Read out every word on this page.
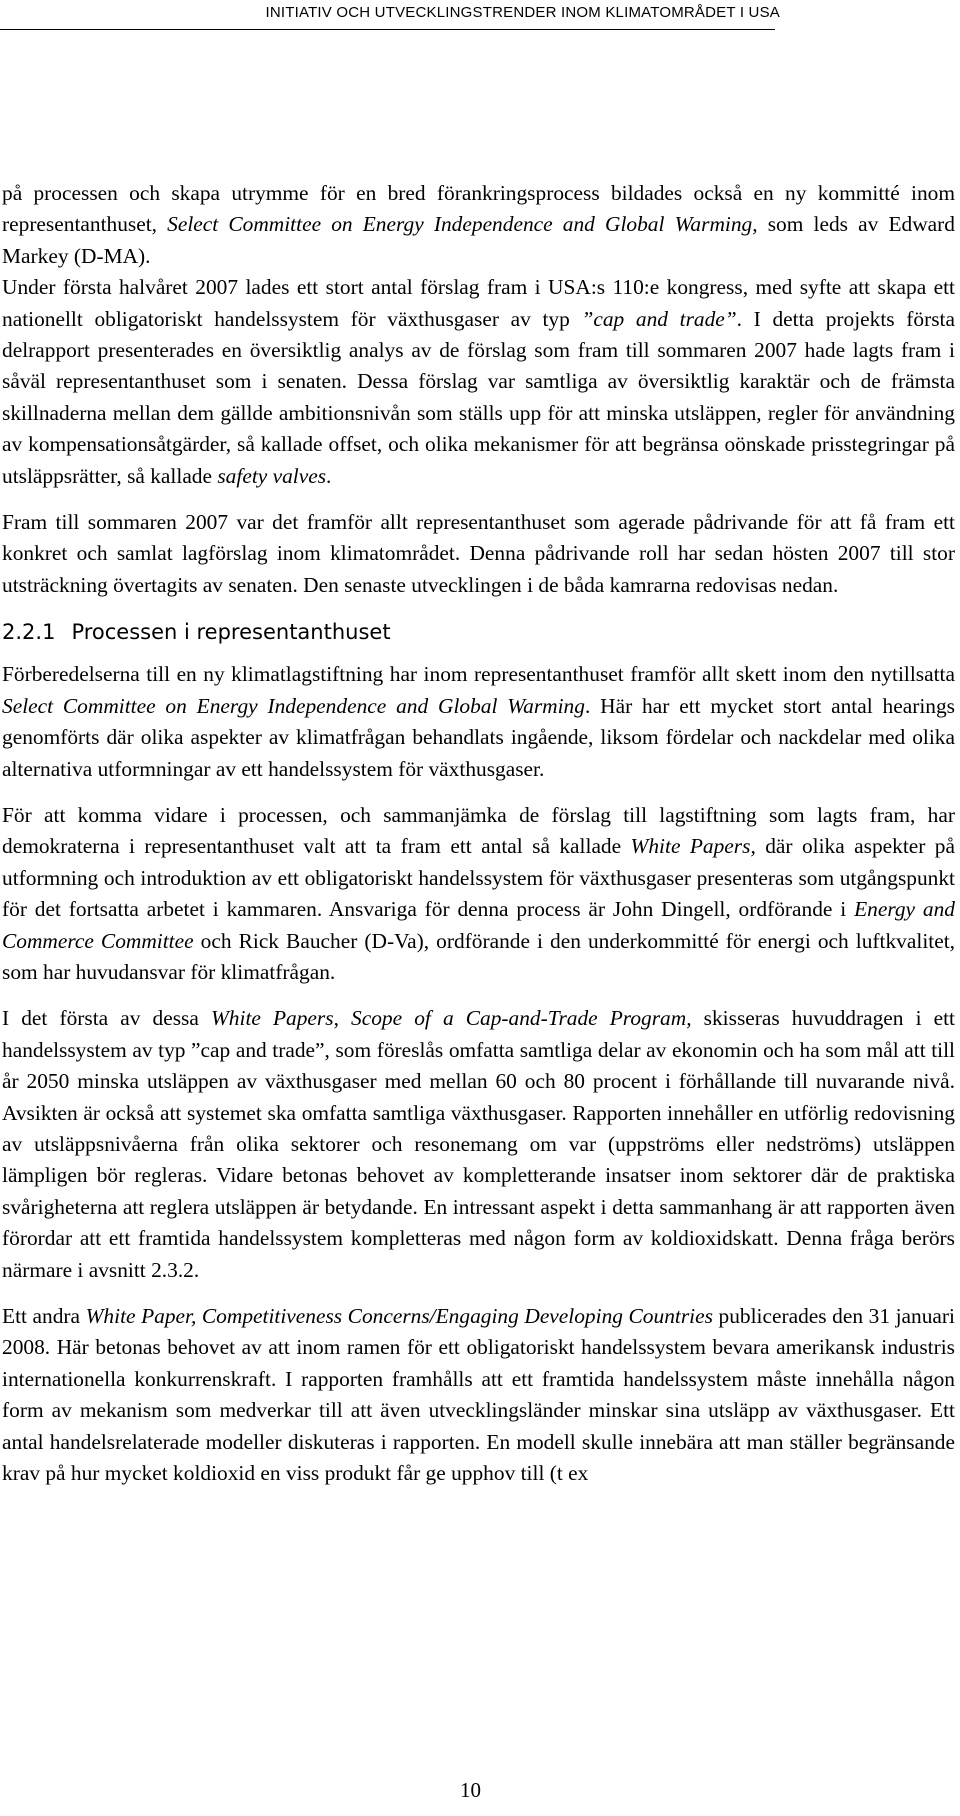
INITIATIV OCH UTVECKLINGSTRENDER INOM KLIMATOMRÅDET I USA

på processen och skapa utrymme för en bred förankringsprocess bildades också en ny kommitté inom representanthuset, Select Committee on Energy Independence and Global Warming, som leds av Edward Markey (D-MA).

Under första halvåret 2007 lades ett stort antal förslag fram i USA:s 110:e kongress, med syfte att skapa ett nationellt obligatoriskt handelssystem för växthusgaser av typ ”cap and trade”. I detta projekts första delrapport presenterades en översiktlig analys av de förslag som fram till sommaren 2007 hade lagts fram i såväl representanthuset som i senaten. Dessa förslag var samtliga av översiktlig karaktär och de främsta skillnaderna mellan dem gällde ambitionsnivån som ställs upp för att minska utsläppen, regler för användning av kompensationsåtgärder, så kallade offset, och olika mekanismer för att begränsa oönskade prisstegringar på utsläppsrätter, så kallade safety valves.

Fram till sommaren 2007 var det framför allt representanthuset som agerade pådrivande för att få fram ett konkret och samlat lagförslag inom klimatområdet. Denna pådrivande roll har sedan hösten 2007 till stor utsträckning övertagits av senaten. Den senaste utvecklingen i de båda kamrarna redovisas nedan.

2.2.1 Processen i representanthuset

Förberedelserna till en ny klimatlagstiftning har inom representanthuset framför allt skett inom den nytillsatta Select Committee on Energy Independence and Global Warming. Här har ett mycket stort antal hearings genomförts där olika aspekter av klimatfrågan behandlats ingående, liksom fördelar och nackdelar med olika alternativa utformningar av ett handelssystem för växthusgaser.

För att komma vidare i processen, och sammanjämka de förslag till lagstiftning som lagts fram, har demokraterna i representanthuset valt att ta fram ett antal så kallade White Papers, där olika aspekter på utformning och introduktion av ett obligatoriskt handelssystem för växthusgaser presenteras som utgångspunkt för det fortsatta arbetet i kammaren. Ansvariga för denna process är John Dingell, ordförande i Energy and Commerce Committee och Rick Baucher (D-Va), ordförande i den underkommitté för energi och luftkvalitet, som har huvudansvar för klimatfrågan.

I det första av dessa White Papers, Scope of a Cap-and-Trade Program, skisseras huvuddragen i ett handelssystem av typ ”cap and trade”, som föreslås omfatta samtliga delar av ekonomin och ha som mål att till år 2050 minska utsläppen av växthusgaser med mellan 60 och 80 procent i förhållande till nuvarande nivå. Avsikten är också att systemet ska omfatta samtliga växthusgaser. Rapporten innehåller en utförlig redovisning av utsläppsnivåerna från olika sektorer och resonemang om var (uppströms eller nedströms) utsläppen lämpligen bör regleras. Vidare betonas behovet av kompletterande insatser inom sektorer där de praktiska svårigheterna att reglera utsläppen är betydande. En intressant aspekt i detta sammanhang är att rapporten även förordar att ett framtida handelssystem kompletteras med någon form av koldioxidskatt. Denna fråga berörs närmare i avsnitt 2.3.2.

Ett andra White Paper, Competitiveness Concerns/Engaging Developing Countries publicerades den 31 januari 2008. Här betonas behovet av att inom ramen för ett obligatoriskt handelssystem bevara amerikansk industris internationella konkurrenskraft. I rapporten framhålls att ett framtida handelssystem måste innehålla någon form av mekanism som medverkar till att även utvecklingsländer minskar sina utsläpp av växthusgaser. Ett antal handelsrelaterade modeller diskuteras i rapporten. En modell skulle innebära att man ställer begränsande krav på hur mycket koldioxid en viss produkt får ge upphov till (t ex

10
